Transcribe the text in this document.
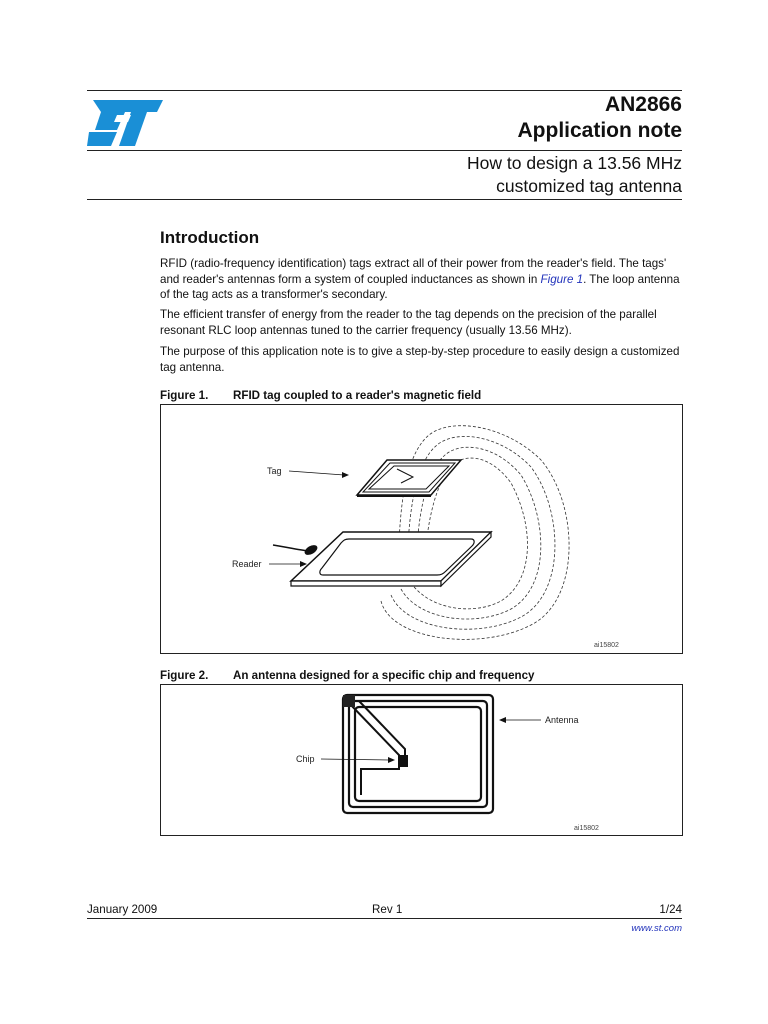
AN2866
Application note
How to design a 13.56 MHz
customized tag antenna
Introduction
RFID (radio-frequency identification) tags extract all of their power from the reader's field. The tags' and reader's antennas form a system of coupled inductances as shown in Figure 1. The loop antenna of the tag acts as a transformer's secondary.
The efficient transfer of energy from the reader to the tag depends on the precision of the parallel resonant RLC loop antennas tuned to the carrier frequency (usually 13.56 MHz).
The purpose of this application note is to give a step-by-step procedure to easily design a customized tag antenna.
Figure 1. RFID tag coupled to a reader's magnetic field
Tag
Reader
ai15802
Figure 2. An antenna designed for a specific chip and frequency
Antenna
Chip
ai15802
January 2009	Rev 1	1/24
www.st.com
